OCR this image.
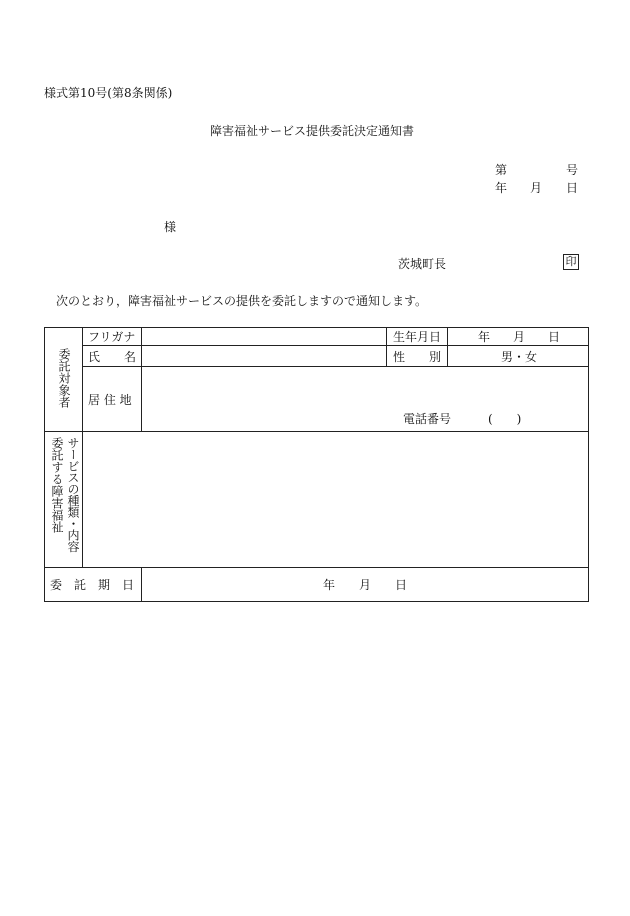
様式第10号(第8条関係)
障害福祉サービス提供委託決定通知書
第	号
年 月 日
様
茨城町長	印
次のとおり，障害福祉サービスの提供を委託しますので通知します。
委託対象者
フリガナ	生年月日	年 月 日
氏　　名	性　　別	男・女
居 住 地
電話番号	(　　)
委託する障害福祉 サービスの種類・内容
委　託　期　日	年 月 日
